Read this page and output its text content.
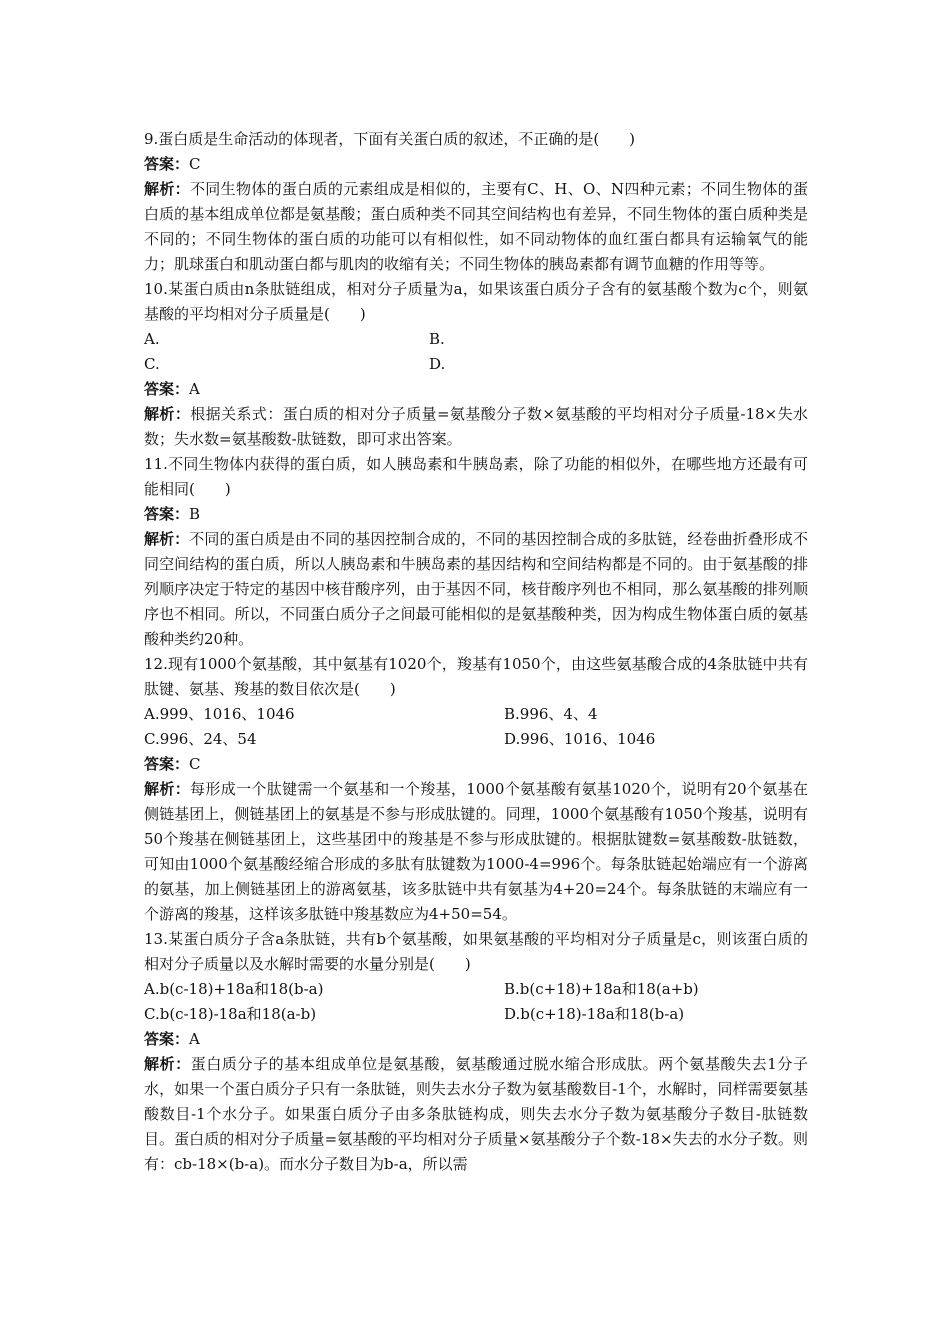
9.蛋白质是生命活动的体现者，下面有关蛋白质的叙述，不正确的是(　　)

答案：C

解析：不同生物体的蛋白质的元素组成是相似的，主要有C、H、O、N四种元素；不同生物体的蛋白质的基本组成单位都是氨基酸；蛋白质种类不同其空间结构也有差异，不同生物体的蛋白质种类是不同的；不同生物体的蛋白质的功能可以有相似性，如不同动物体的血红蛋白都具有运输氧气的能力；肌球蛋白和肌动蛋白都与肌肉的收缩有关；不同生物体的胰岛素都有调节血糖的作用等等。

10.某蛋白质由n条肽链组成，相对分子质量为a，如果该蛋白质分子含有的氨基酸个数为c个，则氨基酸的平均相对分子质量是(　　)

A.	B.

C.	D.

答案：A

解析：根据关系式：蛋白质的相对分子质量=氨基酸分子数×氨基酸的平均相对分子质量-18×失水数；失水数=氨基酸数-肽链数，即可求出答案。

11.不同生物体内获得的蛋白质，如人胰岛素和牛胰岛素，除了功能的相似外，在哪些地方还最有可能相同(　　)

答案：B

解析：不同的蛋白质是由不同的基因控制合成的，不同的基因控制合成的多肽链，经卷曲折叠形成不同空间结构的蛋白质，所以人胰岛素和牛胰岛素的基因结构和空间结构都是不同的。由于氨基酸的排列顺序决定于特定的基因中核苷酸序列，由于基因不同，核苷酸序列也不相同，那么氨基酸的排列顺序也不相同。所以，不同蛋白质分子之间最可能相似的是氨基酸种类，因为构成生物体蛋白质的氨基酸种类约20种。

12.现有1000个氨基酸，其中氨基有1020个，羧基有1050个，由这些氨基酸合成的4条肽链中共有肽键、氨基、羧基的数目依次是(　　)

A.999、1016、1046	B.996、4、4

C.996、24、54	D.996、1016、1046

答案：C

解析：每形成一个肽键需一个氨基和一个羧基，1000个氨基酸有氨基1020个，说明有20个氨基在侧链基团上，侧链基团上的氨基是不参与形成肽键的。同理，1000个氨基酸有1050个羧基，说明有50个羧基在侧链基团上，这些基团中的羧基是不参与形成肽键的。根据肽键数=氨基酸数-肽链数，可知由1000个氨基酸经缩合形成的多肽有肽键数为1000-4=996个。每条肽链起始端应有一个游离的氨基，加上侧链基团上的游离氨基，该多肽链中共有氨基为4+20=24个。每条肽链的末端应有一个游离的羧基，这样该多肽链中羧基数应为4+50=54。

13.某蛋白质分子含a条肽链，共有b个氨基酸，如果氨基酸的平均相对分子质量是c，则该蛋白质的相对分子质量以及水解时需要的水量分别是(　　)

A.b(c-18)+18a和18(b-a)	B.b(c+18)+18a和18(a+b)

C.b(c-18)-18a和18(a-b)	D.b(c+18)-18a和18(b-a)

答案：A

解析：蛋白质分子的基本组成单位是氨基酸，氨基酸通过脱水缩合形成肽。两个氨基酸失去1分子水，如果一个蛋白质分子只有一条肽链，则失去水分子数为氨基酸数目-1个，水解时，同样需要氨基酸数目-1个水分子。如果蛋白质分子由多条肽链构成，则失去水分子数为氨基酸分子数目-肽链数目。蛋白质的相对分子质量=氨基酸的平均相对分子质量×氨基酸分子个数-18×失去的水分子数。则有：cb-18×(b-a)。而水分子数目为b-a，所以需
